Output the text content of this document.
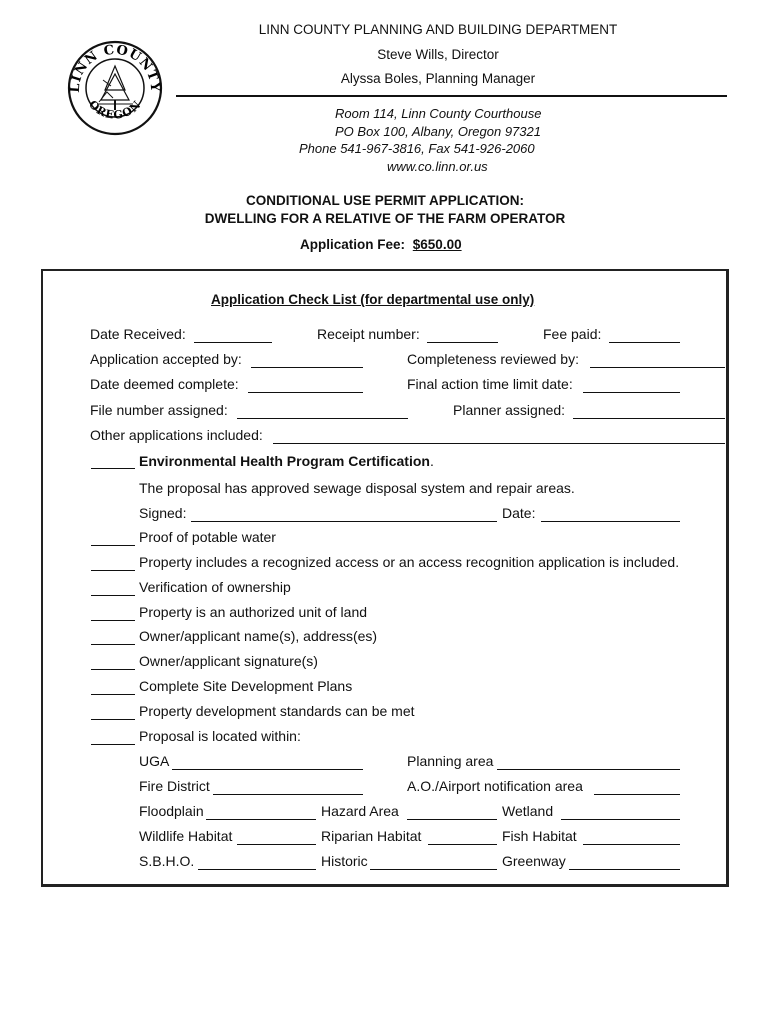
LINN COUNTY
OREGON
LINN COUNTY PLANNING AND BUILDING DEPARTMENT
Steve Wills, Director
Alyssa Boles, Planning Manager
Room 114, Linn County Courthouse
PO Box 100, Albany, Oregon 97321
Phone 541-967-3816, Fax 541-926-2060
www.co.linn.or.us
CONDITIONAL USE PERMIT APPLICATION:
DWELLING FOR A RELATIVE OF THE FARM OPERATOR
Application Fee: $650.00
Application Check List (for departmental use only)
Date Received:	Receipt number:	Fee paid:
Application accepted by:	Completeness reviewed by:
Date deemed complete:	Final action time limit date:
File number assigned:	Planner assigned:
Other applications included:
Environmental Health Program Certification.
The proposal has approved sewage disposal system and repair areas.
Signed:	Date:
Proof of potable water
Property includes a recognized access or an access recognition application is included.
Verification of ownership
Property is an authorized unit of land
Owner/applicant name(s), address(es)
Owner/applicant signature(s)
Complete Site Development Plans
Property development standards can be met
Proposal is located within:
UGA	Planning area
Fire District	A.O./Airport notification area
Floodplain	Hazard Area	Wetland
Wildlife Habitat	Riparian Habitat	Fish Habitat
S.B.H.O.	Historic	Greenway
